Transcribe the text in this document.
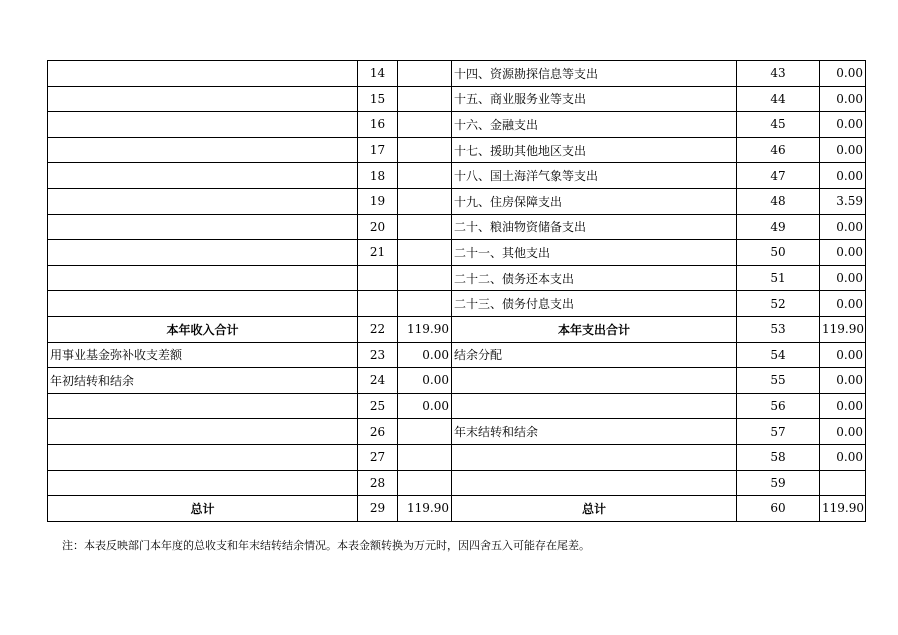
	14		十四、资源勘探信息等支出	43	0.00
	15		十五、商业服务业等支出	44	0.00
	16		十六、金融支出	45	0.00
	17		十七、援助其他地区支出	46	0.00
	18		十八、国土海洋气象等支出	47	0.00
	19		十九、住房保障支出	48	3.59
	20		二十、粮油物资储备支出	49	0.00
	21		二十一、其他支出	50	0.00
			二十二、债务还本支出	51	0.00
			二十三、债务付息支出	52	0.00
本年收入合计	22	119.90	本年支出合计	53	119.90
用事业基金弥补收支差额	23	0.00	结余分配	54	0.00
年初结转和结余	24	0.00		55	0.00
	25	0.00		56	0.00
	26		年末结转和结余	57	0.00
	27			58	0.00
	28			59	
总计	29	119.90	总计	60	119.90
注：本表反映部门本年度的总收支和年末结转结余情况。本表金额转换为万元时，因四舍五入可能存在尾差。
